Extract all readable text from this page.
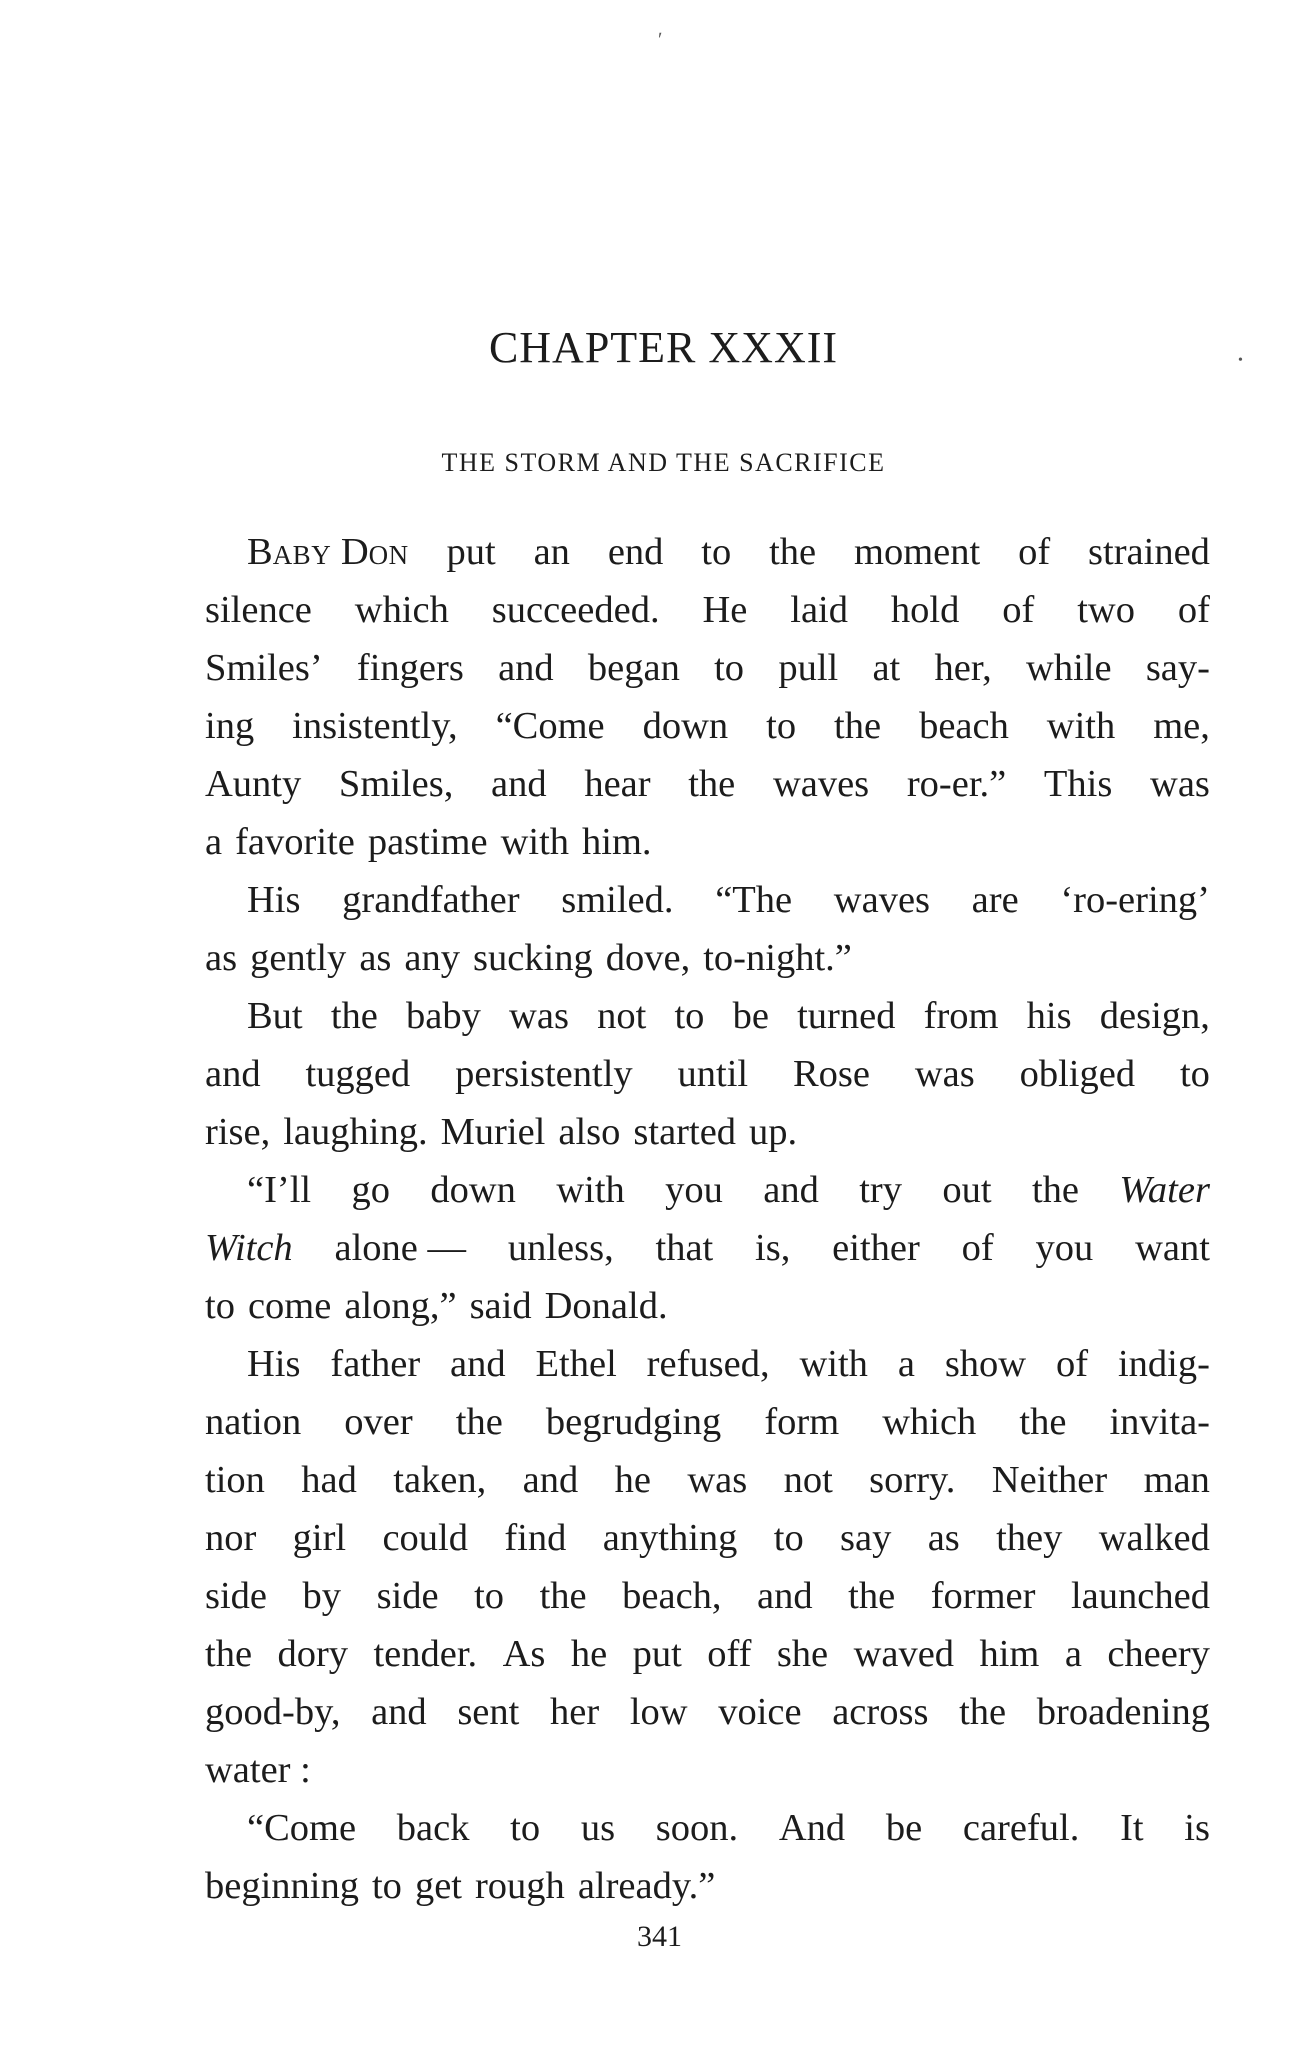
ʹ
•
CHAPTER XXXII
THE STORM AND THE SACRIFICE
BABY DON put an end to the moment of strained
silence which succeeded. He laid hold of two of
Smiles’ fingers and began to pull at her, while say-
ing insistently, “Come down to the beach with me,
Aunty Smiles, and hear the waves ro-er.” This was
a favorite pastime with him.
His grandfather smiled. “The waves are ‘ro-ering’
as gently as any sucking dove, to-night.”
But the baby was not to be turned from his design,
and tugged persistently until Rose was obliged to
rise, laughing. Muriel also started up.
“I’ll go down with you and try out the Water
Witch alone — unless, that is, either of you want
to come along,” said Donald.
His father and Ethel refused, with a show of indig-
nation over the begrudging form which the invita-
tion had taken, and he was not sorry. Neither man
nor girl could find anything to say as they walked
side by side to the beach, and the former launched
the dory tender. As he put off she waved him a cheery
good-by, and sent her low voice across the broadening
water :
“Come back to us soon. And be careful. It is
beginning to get rough already.”
341
